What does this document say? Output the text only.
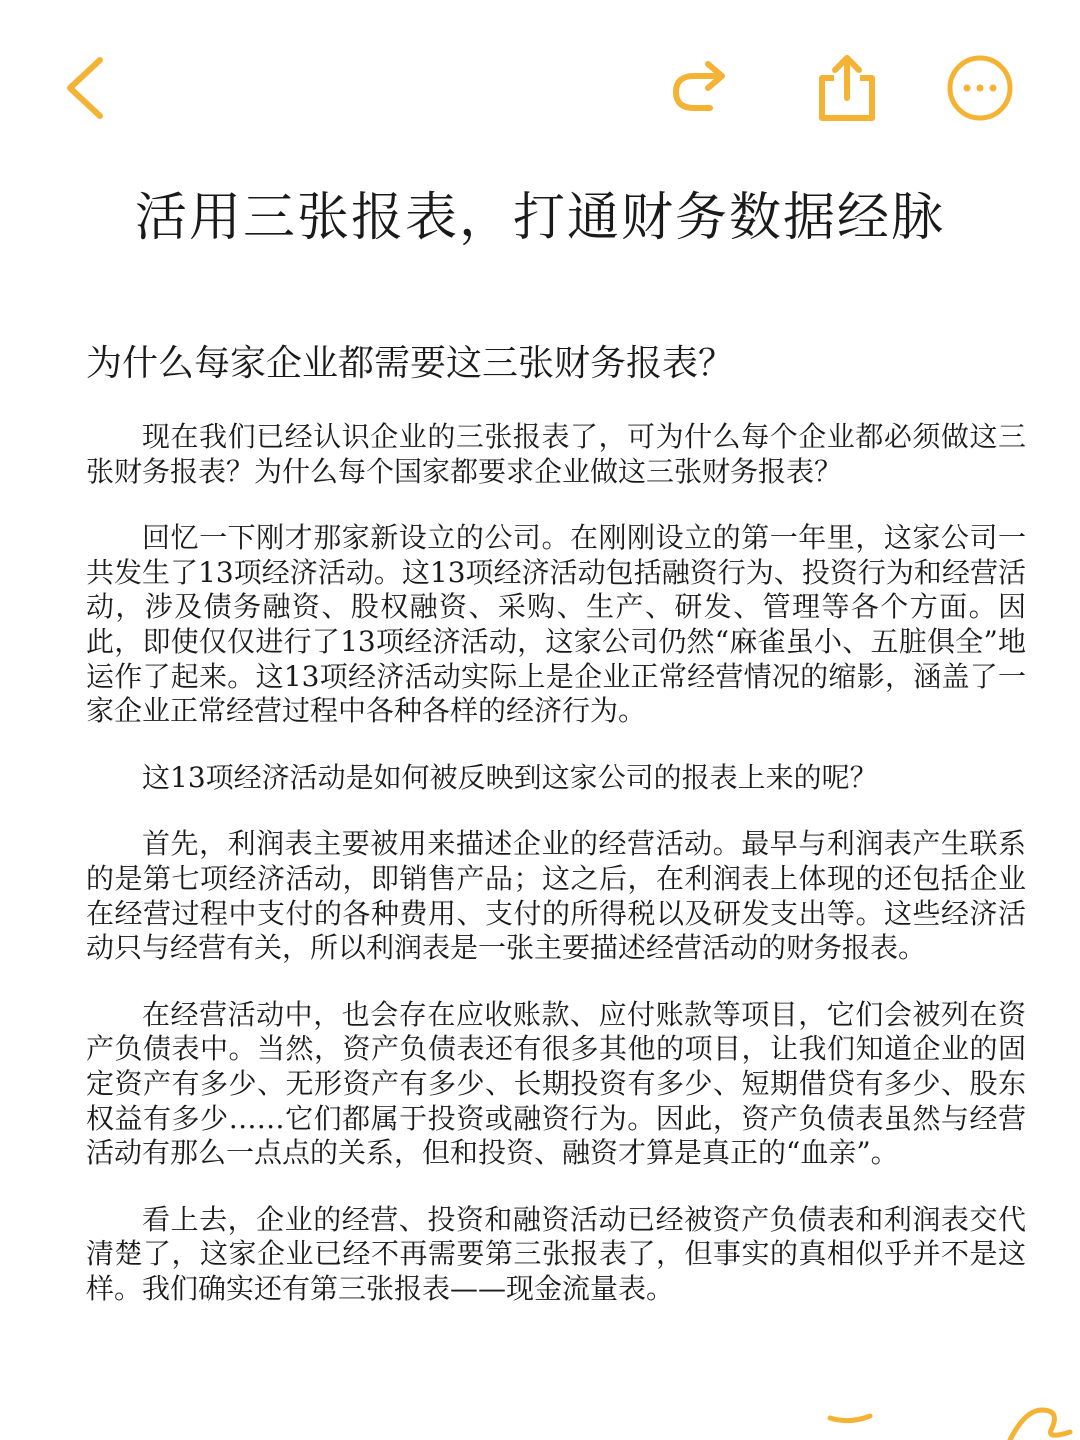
活用三张报表，打通财务数据经脉
为什么每家企业都需要这三张财务报表？

现在我们已经认识企业的三张报表了，可为什么每个企业都必须做这三张财务报表？为什么每个国家都要求企业做这三张财务报表？

回忆一下刚才那家新设立的公司。在刚刚设立的第一年里，这家公司一共发生了13项经济活动。这13项经济活动包括融资行为、投资行为和经营活动，涉及债务融资、股权融资、采购、生产、研发、管理等各个方面。因此，即使仅仅进行了13项经济活动，这家公司仍然“麻雀虽小、五脏俱全”地运作了起来。这13项经济活动实际上是企业正常经营情况的缩影，涵盖了一家企业正常经营过程中各种各样的经济行为。

这13项经济活动是如何被反映到这家公司的报表上来的呢？

首先，利润表主要被用来描述企业的经营活动。最早与利润表产生联系的是第七项经济活动，即销售产品；这之后，在利润表上体现的还包括企业在经营过程中支付的各种费用、支付的所得税以及研发支出等。这些经济活动只与经营有关，所以利润表是一张主要描述经营活动的财务报表。

在经营活动中，也会存在应收账款、应付账款等项目，它们会被列在资产负债表中。当然，资产负债表还有很多其他的项目，让我们知道企业的固定资产有多少、无形资产有多少、长期投资有多少、短期借贷有多少、股东权益有多少……它们都属于投资或融资行为。因此，资产负债表虽然与经营活动有那么一点点的关系，但和投资、融资才算是真正的“血亲”。

看上去，企业的经营、投资和融资活动已经被资产负债表和利润表交代清楚了，这家企业已经不再需要第三张报表了，但事实的真相似乎并不是这样。我们确实还有第三张报表——现金流量表。
